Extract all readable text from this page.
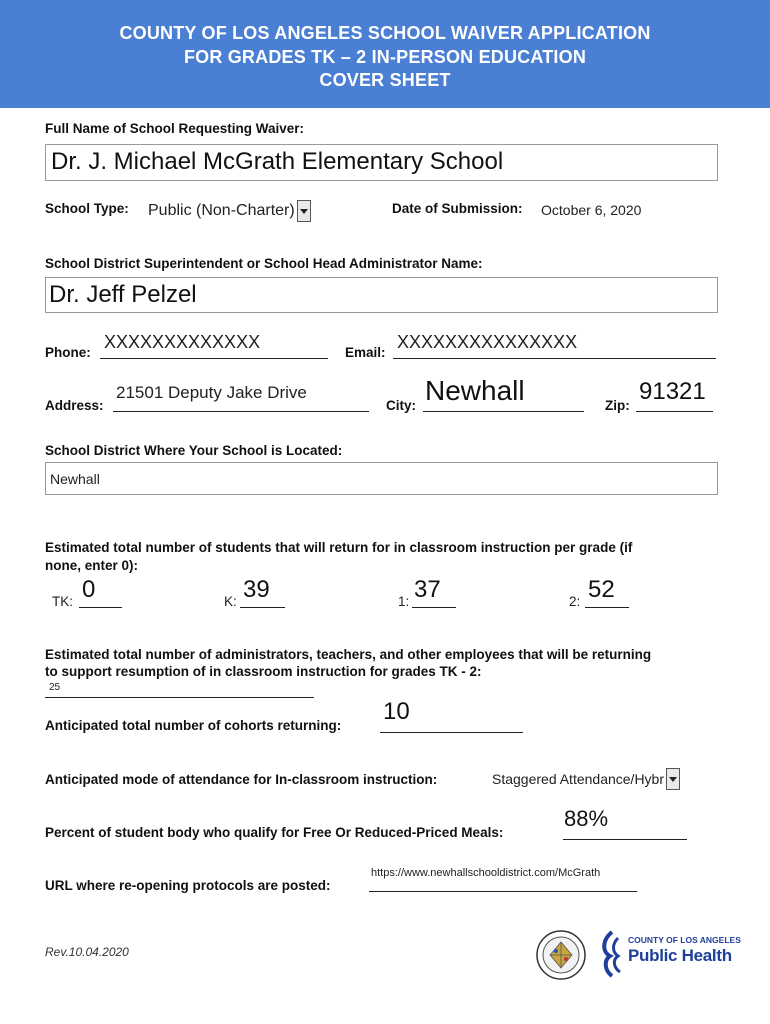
COUNTY OF LOS ANGELES SCHOOL WAIVER APPLICATION
FOR GRADES TK – 2 IN-PERSON EDUCATION
COVER SHEET
Full Name of School Requesting Waiver:
Dr. J. Michael McGrath Elementary School
School Type: Public (Non-Charter)	Date of Submission: October 6, 2020
School District Superintendent or School Head Administrator Name:
Dr. Jeff Pelzel
Phone:
XXXXXXXXXXXXX
Email:
XXXXXXXXXXXXXXX
Address:
21501 Deputy Jake Drive
City: Newhall	Zip:
91321
School District Where Your School is Located:
Newhall
Estimated total number of students that will return for in classroom instruction per grade (if
none, enter 0):
TK: 0	K: 39	1: 37	2: 52
Estimated total number of administrators, teachers, and other employees that will be returning
to support resumption of in classroom instruction for grades TK - 2:
25
Anticipated total number of cohorts returning:
10
Anticipated mode of attendance for In-classroom instruction:	Staggered Attendance/Hybr
Percent of student body who qualify for Free Or Reduced-Priced Meals:
88%
URL where re-opening protocols are posted:
https://www.newhallschooldistrict.com/McGrath
Rev.10.04.2020
COUNTY OF LOS ANGELES
Public Health
